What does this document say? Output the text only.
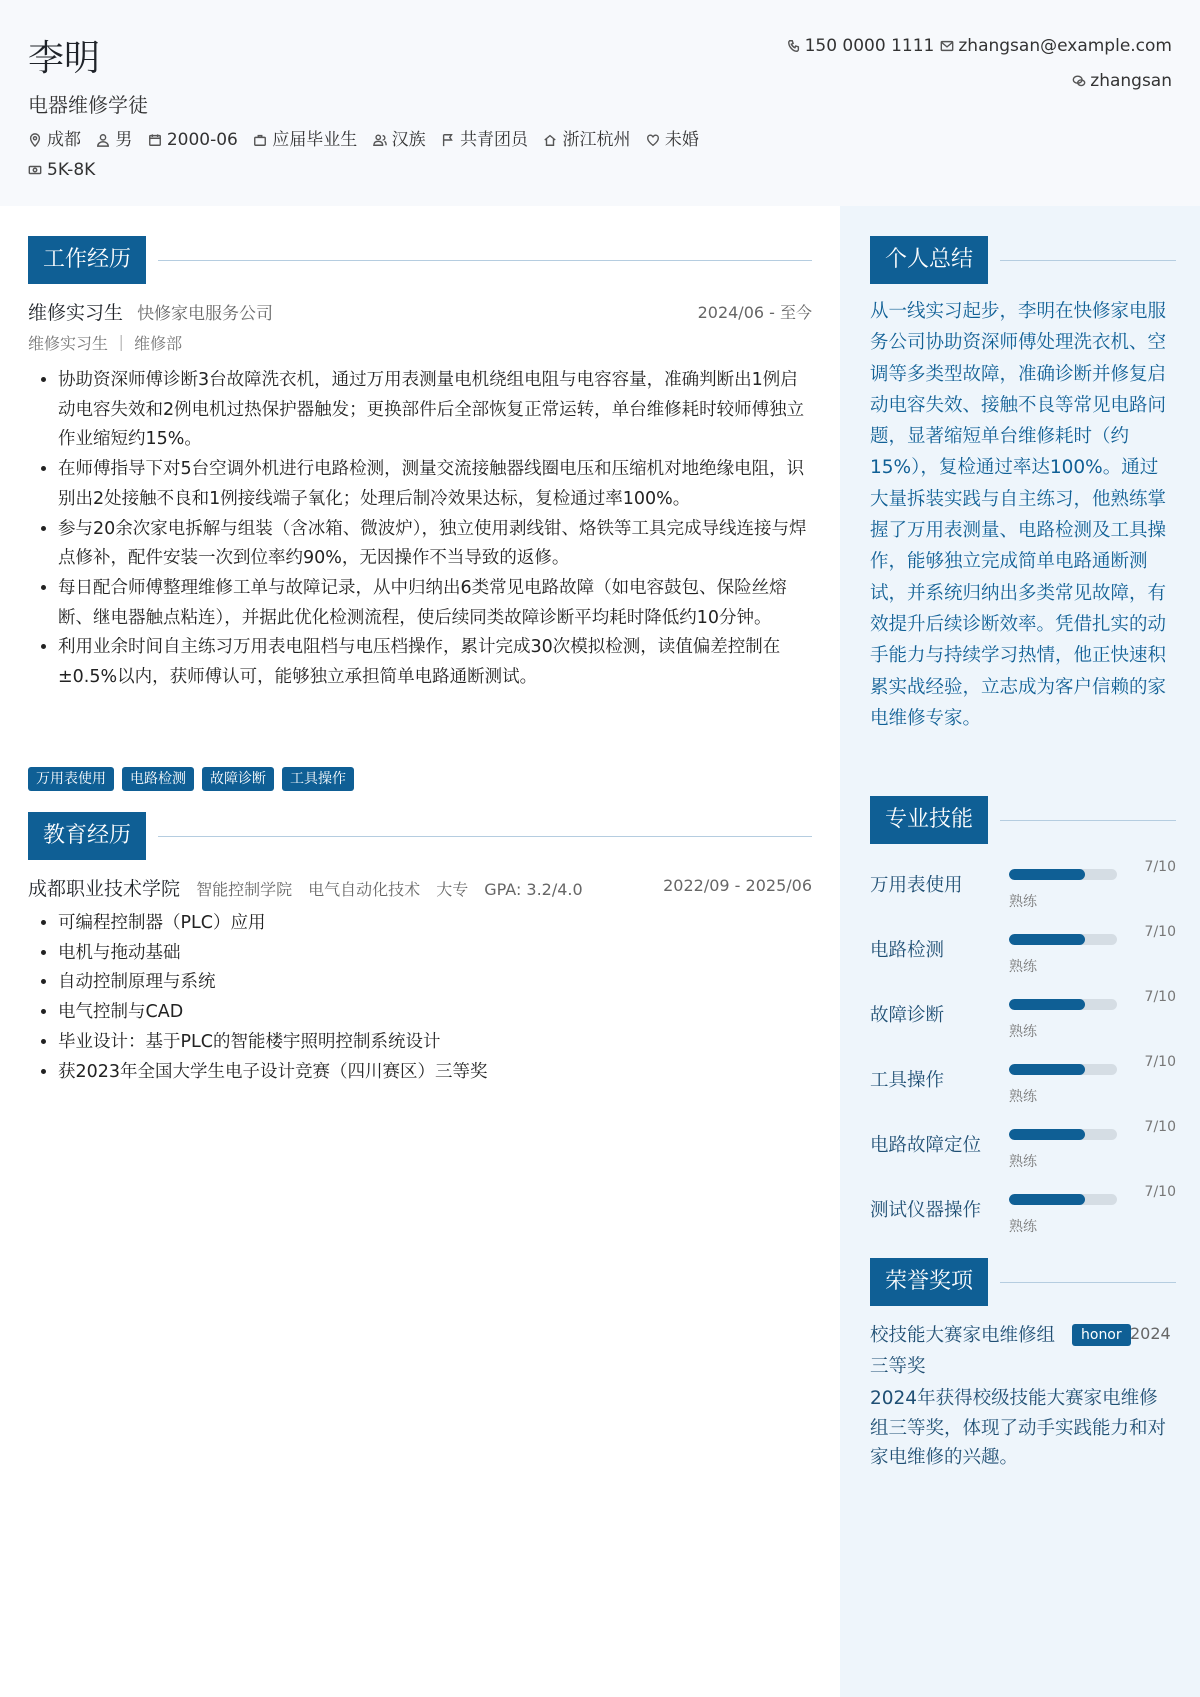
李明
电器维修学徒
成都
男
2000-06
应届毕业生
汉族
共青团员
浙江杭州
未婚

5K-8K
150 0000 1111 zhangsan@example.com
zhangsan
工作经历
维修实习生 快修家电服务公司	2024/06 - 至今
维修实习生 ｜ 维修部
• 协助资深师傅诊断3台故障洗衣机，通过万用表测量电机绕组电阻与电容容量，准确判断出1例启动电容失效和2例电机过热保护器触发；更换部件后全部恢复正常运转，单台维修耗时较师傅独立作业缩短约15%。
• 在师傅指导下对5台空调外机进行电路检测，测量交流接触器线圈电压和压缩机对地绝缘电阻，识别出2处接触不良和1例接线端子氧化；处理后制冷效果达标，复检通过率100%。
• 参与20余次家电拆解与组装（含冰箱、微波炉），独立使用剥线钳、烙铁等工具完成导线连接与焊点修补，配件安装一次到位率约90%，无因操作不当导致的返修。
• 每日配合师傅整理维修工单与故障记录，从中归纳出6类常见电路故障（如电容鼓包、保险丝熔断、继电器触点粘连），并据此优化检测流程，使后续同类故障诊断平均耗时降低约10分钟。
• 利用业余时间自主练习万用表电阻档与电压档操作，累计完成30次模拟检测，读值偏差控制在±0.5%以内，获师傅认可，能够独立承担简单电路通断测试。
万用表使用	电路检测	故障诊断	工具操作
教育经历
成都职业技术学院 智能控制学院 电气自动化技术 大专 GPA: 3.2/4.0	2022/09 - 2025/06
• 可编程控制器（PLC）应用
• 电机与拖动基础
• 自动控制原理与系统
• 电气控制与CAD
• 毕业设计：基于PLC的智能楼宇照明控制系统设计
• 获2023年全国大学生电子设计竞赛（四川赛区）三等奖
个人总结
从一线实习起步，李明在快修家电服务公司协助资深师傅处理洗衣机、空调等多类型故障，准确诊断并修复启动电容失效、接触不良等常见电路问题，显著缩短单台维修耗时（约15%），复检通过率达100%。通过大量拆装实践与自主练习，他熟练掌握了万用表测量、电路检测及工具操作，能够独立完成简单电路通断测试，并系统归纳出多类常见故障，有效提升后续诊断效率。凭借扎实的动手能力与持续学习热情，他正快速积累实战经验，立志成为客户信赖的家电维修专家。
专业技能
万用表使用
7/10
熟练
电路检测
7/10
熟练
故障诊断
7/10
熟练
工具操作
7/10
熟练
电路故障定位
7/10
熟练
测试仪器操作
7/10
熟练
荣誉奖项
校技能大赛家电维修组三等奖
honor 2024
2024年获得校级技能大赛家电维修组三等奖，体现了动手实践能力和对家电维修的兴趣。
